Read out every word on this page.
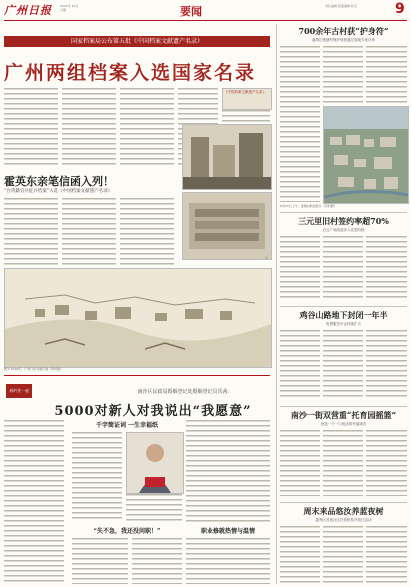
广州日报	2021年 10月 日期	要闻	责任编辑 版面编辑 校对	9
国家档案局公布第五批《中国档案文献遗产名录》
广州两组档案入选国家名录
《中国档案文献遗产名录》
霍英东亲笔信函入列！
“台湾籍官兵征兵档案”入选《中国档案文献遗产名录》
①
②
图② 1910年，广州口岸文献记载（资料图）
700余年古村获“护身符”
番禺区莲塘村保护规划通过省级专家评审
6月15日上午，莲塘村航拍照片（资料图）
三元里旧村签约率超70%
白云广场改造步入攻坚阶段
鸡谷山路地下封闭一年半
免费服务半径持续扩大
南沙一街双营重“托育园摇篮”
营造一个一口优质的幸福城市
周末来品悠汝养蓝夜树
越秀区首批社区托育机构开放日活动
我们在一起	南沙区民政局婚姻登记处婚姻登记员乐茜：
5000对新人对我说出“我愿意”
千字简证词 一生幸福纸
“失不急，我还没问职！”	职业修就热情与温情
